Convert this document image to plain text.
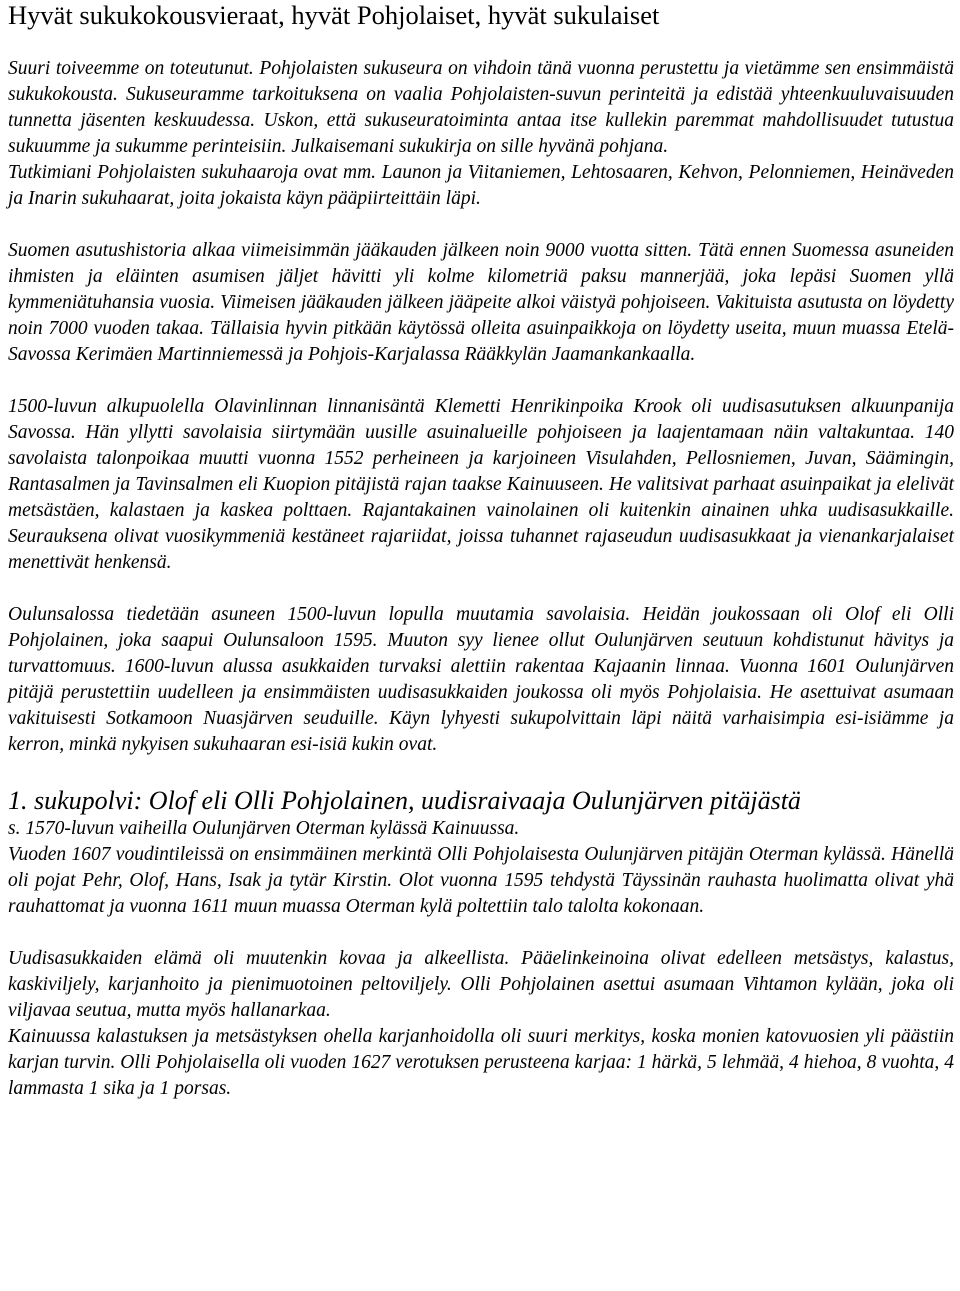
Hyvät sukukokousvieraat, hyvät Pohjolaiset, hyvät sukulaiset

Suuri toiveemme on toteutunut. Pohjolaisten sukuseura on vihdoin tänä vuonna perustettu ja vietämme sen ensimmäistä sukukokousta. Sukuseuramme tarkoituksena on vaalia Pohjolaisten-suvun perinteitä ja edistää yhteenkuuluvaisuuden tunnetta jäsenten keskuudessa. Uskon, että sukuseuratoiminta antaa itse kullekin paremmat mahdollisuudet tutustua sukuumme ja sukumme perinteisiin. Julkaisemani sukukirja on sille hyvänä pohjana.

Tutkimiani Pohjolaisten sukuhaaroja ovat mm. Launon ja Viitaniemen, Lehtosaaren, Kehvon, Pelonniemen, Heinäveden ja Inarin sukuhaarat, joita jokaista käyn pääpiirteittäin läpi.

Suomen asutushistoria alkaa viimeisimmän jääkauden jälkeen noin 9000 vuotta sitten. Tätä ennen Suomessa asuneiden ihmisten ja eläinten asumisen jäljet hävitti yli kolme kilometriä paksu mannerjää, joka lepäsi Suomen yllä kymmeniätuhansia vuosia. Viimeisen jääkauden jälkeen jääpeite alkoi väistyä pohjoiseen. Vakituista asutusta on löydetty noin 7000 vuoden takaa. Tällaisia hyvin pitkään käytössä olleita asuinpaikkoja on löydetty useita, muun muassa Etelä-Savossa Kerimäen Martinniemessä ja Pohjois-Karjalassa Rääkkylän Jaamankankaalla.

1500-luvun alkupuolella Olavinlinnan linnanisäntä Klemetti Henrikinpoika Krook oli uudisasutuksen alkuunpanija Savossa. Hän yllytti savolaisia siirtymään uusille asuinalueille pohjoiseen ja laajentamaan näin valtakuntaa. 140 savolaista talonpoikaa muutti vuonna 1552 perheineen ja karjoineen Visulahden, Pellosniemen, Juvan, Säämingin, Rantasalmen ja Tavinsalmen eli Kuopion pitäjistä rajan taakse Kainuuseen. He valitsivat parhaat asuinpaikat ja elelivät metsästäen, kalastaen ja kaskea polttaen. Rajantakainen vainolainen oli kuitenkin ainainen uhka uudisasukkaille. Seurauksena olivat vuosikymmeniä kestäneet rajariidat, joissa tuhannet rajaseudun uudisasukkaat ja vienankarjalaiset menettivät henkensä.

Oulunsalossa tiedetään asuneen 1500-luvun lopulla muutamia savolaisia. Heidän joukossaan oli Olof eli Olli Pohjolainen, joka saapui Oulunsaloon 1595. Muuton syy lienee ollut Oulunjärven seutuun kohdistunut hävitys ja turvattomuus. 1600-luvun alussa asukkaiden turvaksi alettiin rakentaa Kajaanin linnaa. Vuonna 1601 Oulunjärven pitäjä perustettiin uudelleen ja ensimmäisten uudisasukkaiden joukossa oli myös Pohjolaisia. He asettuivat asumaan vakituisesti Sotkamoon Nuasjärven seuduille. Käyn lyhyesti sukupolvittain läpi näitä varhaisimpia esi-isiämme ja kerron, minkä nykyisen sukuhaaran esi-isiä kukin ovat.

1. sukupolvi: Olof eli Olli Pohjolainen, uudisraivaaja Oulunjärven pitäjästä

s. 1570-luvun vaiheilla Oulunjärven Oterman kylässä Kainuussa.

Vuoden 1607 voudintileissä on ensimmäinen merkintä Olli Pohjolaisesta Oulunjärven pitäjän Oterman kylässä. Hänellä oli pojat Pehr, Olof, Hans, Isak ja tytär Kirstin. Olot vuonna 1595 tehdystä Täyssinän rauhasta huolimatta olivat yhä rauhattomat ja vuonna 1611 muun muassa Oterman kylä poltettiin talo talolta kokonaan.

Uudisasukkaiden elämä oli muutenkin kovaa ja alkeellista. Pääelinkeinoina olivat edelleen metsästys, kalastus, kaskiviljely, karjanhoito ja pienimuotoinen peltoviljely. Olli Pohjolainen asettui asumaan Vihtamon kylään, joka oli viljavaa seutua, mutta myös hallanarkaa.

Kainuussa kalastuksen ja metsästyksen ohella karjanhoidolla oli suuri merkitys, koska monien katovuosien yli päästiin karjan turvin. Olli Pohjolaisella oli vuoden 1627 verotuksen perusteena karjaa: 1 härkä, 5 lehmää, 4 hiehoa, 8 vuohta, 4 lammasta 1 sika ja 1 porsas.
